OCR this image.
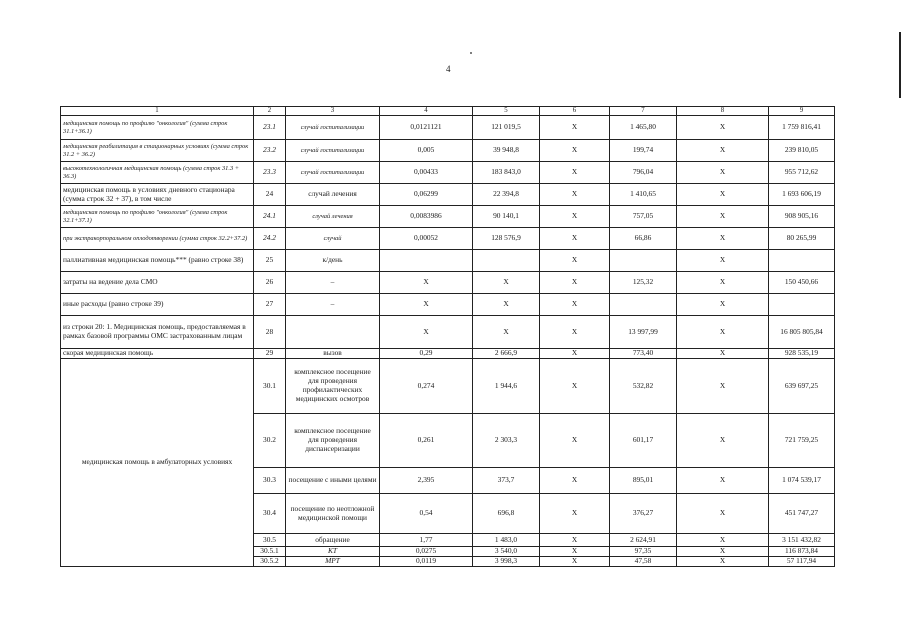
4
1	2	3	4	5	6	7	8	9	
медицинская помощь по профилю "онкология" (сумма строк 31.1+36.1)	23.1	случай госпитализации	0,0121121	121 019,5	X	1 465,80	X	1 759 816,41	
медицинская реабилитация в стационарных условиях (сумма строк 31.2 + 36.2)	23.2	случай госпитализации	0,005	39 948,8	X	199,74	X	239 810,05	
высокотехнологичная медицинская помощь (сумма строк 31.3 + 36.3)	23.3	случай госпитализации	0,00433	183 843,0	X	796,04	X	955 712,62	
медицинская помощь в условиях дневного стационара (сумма строк 32 + 37), в том числе	24	случай лечения	0,06299	22 394,8	X	1 410,65	X	1 693 606,19	
медицинская помощь по профилю "онкология" (сумма строк 32.1+37.1)	24.1	случай лечения	0,0083986	90 140,1	X	757,05	X	908 905,16	
при экстракорпоральном оплодотворении (сумма строк 32.2+37.2)	24.2	случай	0,00052	128 576,9	X	66,86	X	80 265,99	
паллиативная медицинская помощь*** (равно строке 38)	25	к/день			X		X		
затраты на ведение дела СМО	26	–	X	X	X	125,32	X	150 450,66	
иные расходы (равно строке 39)	27	–	X	X	X		X		
из строки 20: 1. Медицинская помощь, предоставляемая в рамках базовой программы ОМС застрахованным лицам	28		X	X	X	13 997,99	X	16 805 805,84	
скорая медицинская помощь	29	вызов	0,29	2 666,9	X	773,40	X	928 535,19	
медицинская помощь в амбулаторных условиях	30.1	комплексное посещение для проведения профилактических медицинских осмотров	0,274	1 944,6	X	532,82	X	639 697,25	
	30.2	комплексное посещение для проведения диспансеризации	0,261	2 303,3	X	601,17	X	721 759,25	
	30.3	посещение с иными целями	2,395	373,7	X	895,01	X	1 074 539,17	
	30.4	посещение по неотложной медицинской помощи	0,54	696,8	X	376,27	X	451 747,27	
	30.5	обращение	1,77	1 483,0	X	2 624,91	X	3 151 432,82	
	30.5.1	КТ	0,0275	3 540,0	X	97,35	X	116 873,84	
	30.5.2	МРТ	0,0119	3 998,3	X	47,58	X	57 117,94	
